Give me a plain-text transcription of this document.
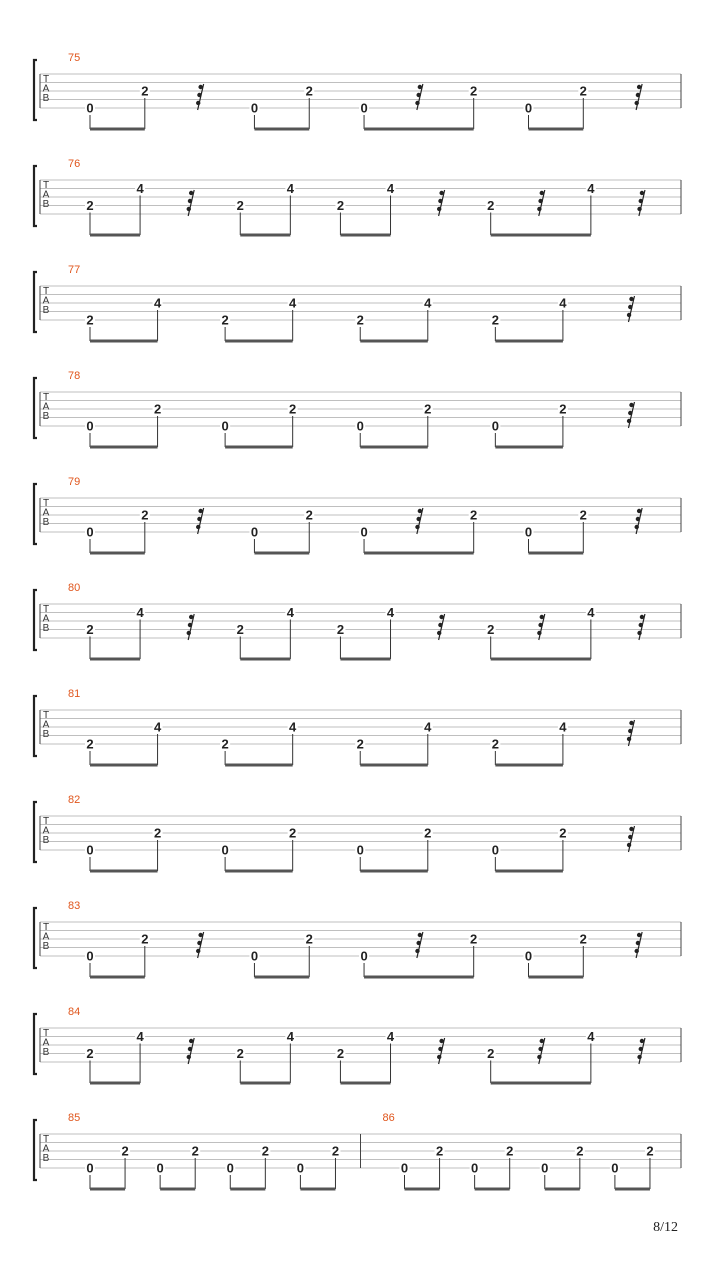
T
A
B
75
0
2
0
2
0
2
0
2
T
A
B
76
2
4
2
4
2
4
2
4
T
A
B
77
2
4
2
4
2
4
2
4
T
A
B
78
0
2
0
2
0
2
0
2
T
A
B
79
0
2
0
2
0
2
0
2
T
A
B
80
2
4
2
4
2
4
2
4
T
A
B
81
2
4
2
4
2
4
2
4
T
A
B
82
0
2
0
2
0
2
0
2
T
A
B
83
0
2
0
2
0
2
0
2
T
A
B
84
2
4
2
4
2
4
2
4
T
A
B
85
0
2
0
2
0
2
0
2
86
0
2
0
2
0
2
0
2
8/12
